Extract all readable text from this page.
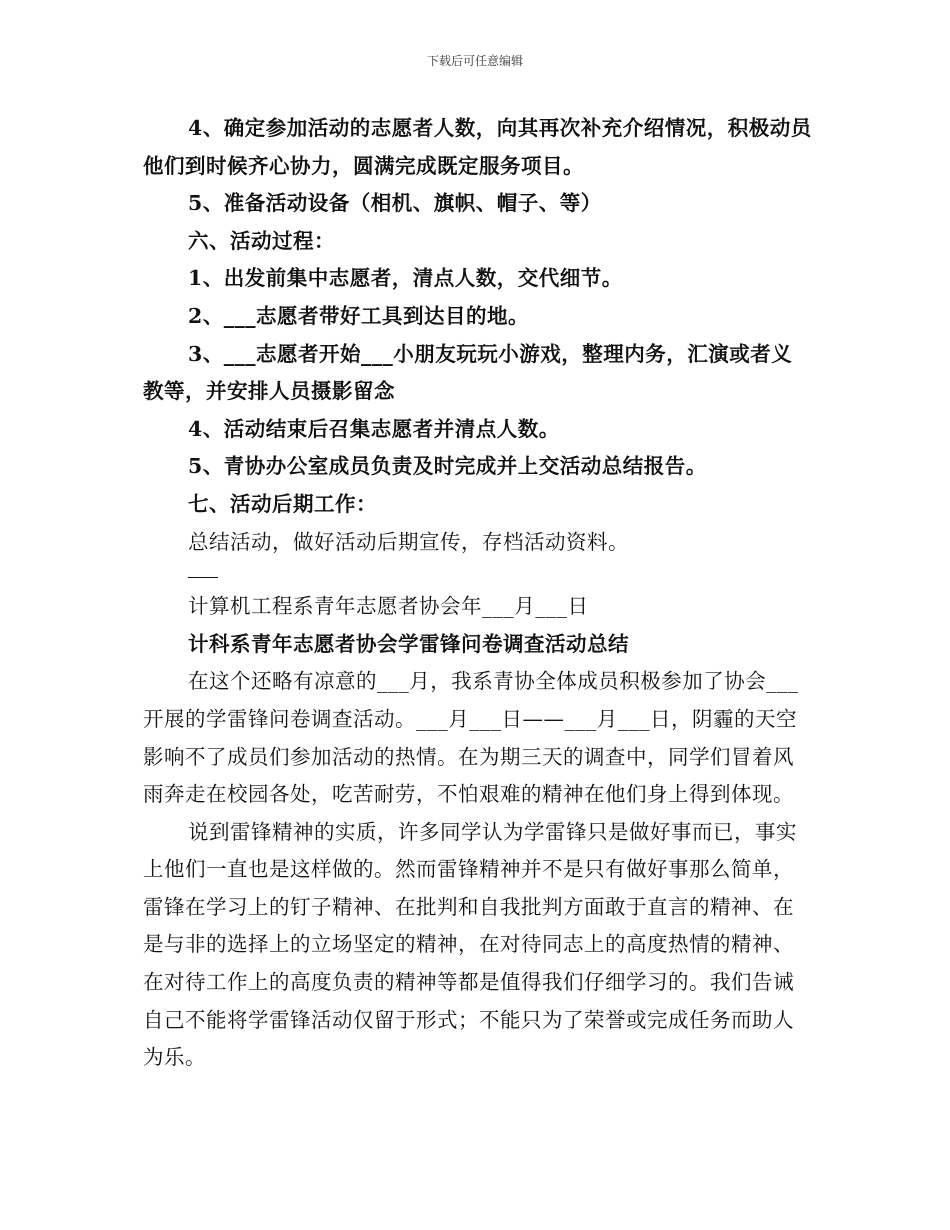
下载后可任意编辑

4、确定参加活动的志愿者人数，向其再次补充介绍情况，积极动员他们到时候齐心协力，圆满完成既定服务项目。

5、准备活动设备（相机、旗帜、帽子、等）

六、活动过程：

1、出发前集中志愿者，清点人数，交代细节。

2、___志愿者带好工具到达目的地。

3、___志愿者开始___小朋友玩玩小游戏，整理内务，汇演或者义教等，并安排人员摄影留念

4、活动结束后召集志愿者并清点人数。

5、青协办公室成员负责及时完成并上交活动总结报告。

七、活动后期工作：

总结活动，做好活动后期宣传，存档活动资料。

计算机工程系青年志愿者协会年___月___日

计科系青年志愿者协会学雷锋问卷调查活动总结

在这个还略有凉意的___月，我系青协全体成员积极参加了协会___开展的学雷锋问卷调查活动。___月___日——___月___日，阴霾的天空影响不了成员们参加活动的热情。在为期三天的调查中，同学们冒着风雨奔走在校园各处，吃苦耐劳，不怕艰难的精神在他们身上得到体现。

说到雷锋精神的实质，许多同学认为学雷锋只是做好事而已，事实上他们一直也是这样做的。然而雷锋精神并不是只有做好事那么简单，雷锋在学习上的钉子精神、在批判和自我批判方面敢于直言的精神、在是与非的选择上的立场坚定的精神，在对待同志上的高度热情的精神、在对待工作上的高度负责的精神等都是值得我们仔细学习的。我们告诫自己不能将学雷锋活动仅留于形式；不能只为了荣誉或完成任务而助人为乐。
